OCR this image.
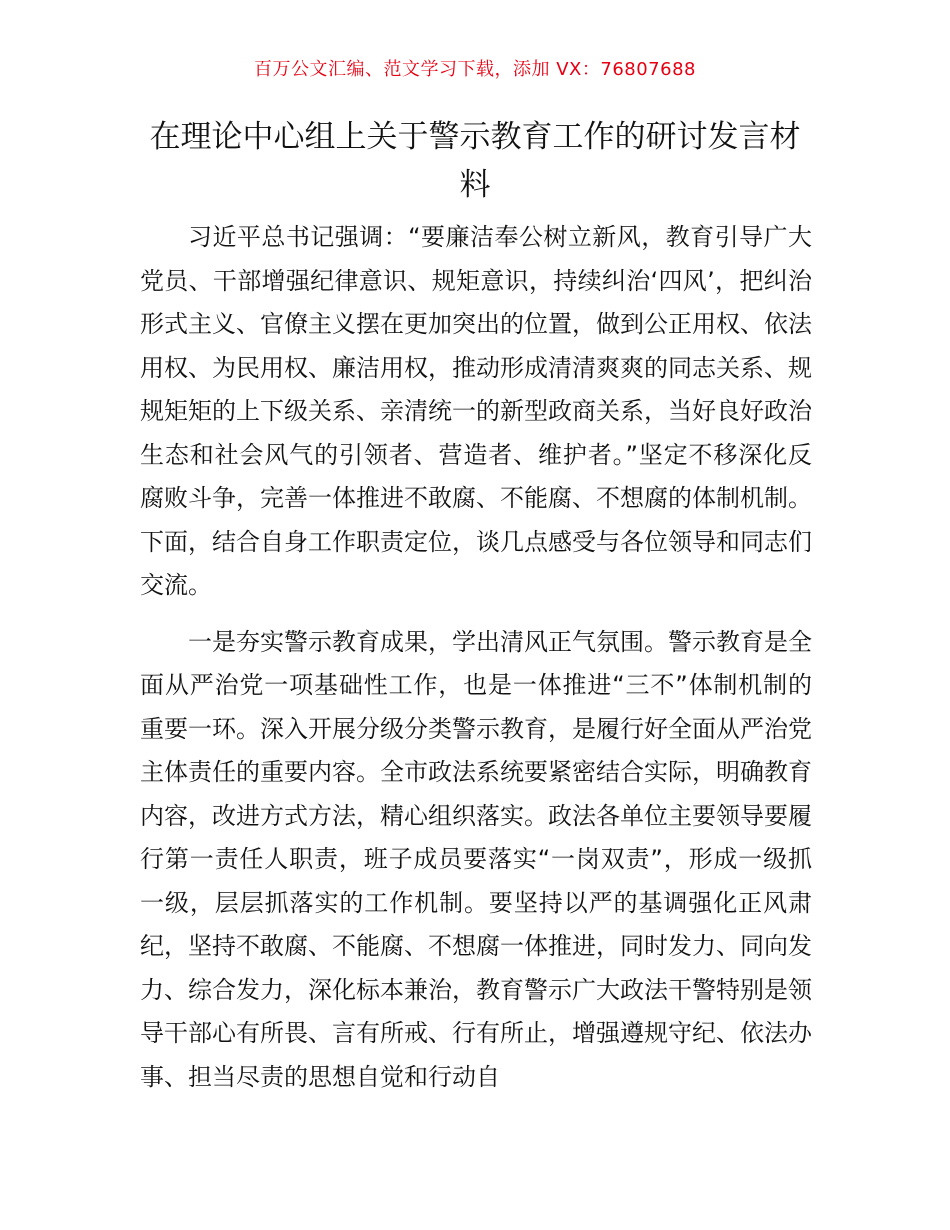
百万公文汇编、范文学习下载，添加 VX：76807688
在理论中心组上关于警示教育工作的研讨发言材料

习近平总书记强调：“要廉洁奉公树立新风，教育引导广大党员、干部增强纪律意识、规矩意识，持续纠治‘四风’，把纠治形式主义、官僚主义摆在更加突出的位置，做到公正用权、依法用权、为民用权、廉洁用权，推动形成清清爽爽的同志关系、规规矩矩的上下级关系、亲清统一的新型政商关系，当好良好政治生态和社会风气的引领者、营造者、维护者。”坚定不移深化反腐败斗争，完善一体推进不敢腐、不能腐、不想腐的体制机制。下面，结合自身工作职责定位，谈几点感受与各位领导和同志们交流。

一是夯实警示教育成果，学出清风正气氛围。警示教育是全面从严治党一项基础性工作，也是一体推进“三不”体制机制的重要一环。深入开展分级分类警示教育，是履行好全面从严治党主体责任的重要内容。全市政法系统要紧密结合实际，明确教育内容，改进方式方法，精心组织落实。政法各单位主要领导要履行第一责任人职责，班子成员要落实“一岗双责”，形成一级抓一级，层层抓落实的工作机制。要坚持以严的基调强化正风肃纪，坚持不敢腐、不能腐、不想腐一体推进，同时发力、同向发力、综合发力，深化标本兼治，教育警示广大政法干警特别是领导干部心有所畏、言有所戒、行有所止，增强遵规守纪、依法办事、担当尽责的思想自觉和行动自
